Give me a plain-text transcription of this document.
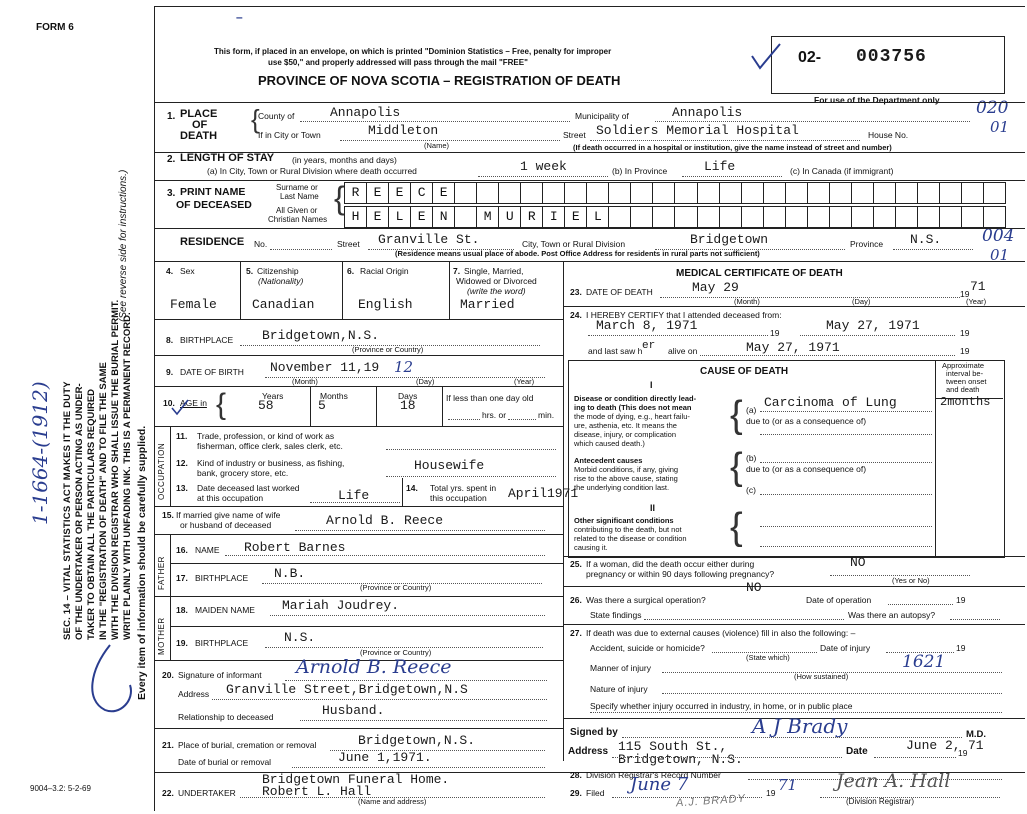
FORM 6
SEC. 14 – VITAL STATISTICS ACT MAKES IT THE DUTY OF THE UNDERTAKER OR PERSON ACTING AS UNDER- TAKER TO OBTAIN ALL THE PARTICULARS REQUIRED IN THE "REGISTRATION OF DEATH" AND TO FILE THE SAME WITH THE DIVISION REGISTRAR WHO SHALL ISSUE THE BURIAL PERMIT. WRITE PLAINLY WITH UNFADING INK. THIS IS A PERMANENT RECORD.
(See reverse side for instructions.)
Every item of information should be carefully supplied.
1-1664-(1912)
–
This form, if placed in an envelope, on which is printed "Dominion Statistics – Free, penalty for improper
use $50," and properly addressed will pass through the mail "FREE"
PROVINCE OF NOVA SCOTIA – REGISTRATION OF DEATH
02- 003756
For use of the Department only 020
01
004
01
1. PLACE
OF
DEATH
{
County of	Annapolis	Municipality of	Annapolis
If in City or Town	Middleton
(Name)
Street Soldiers Memorial Hospital	House No.
(If death occurred in a hospital or institution, give the name instead of street and number)
2. LENGTH OF STAY (in years, months and days)
(a) In City, Town or Rural Division where death occurred	1 week	(b) In Province	Life	(c) In Canada (if immigrant)
3. PRINT NAME
OF DECEASED
Surname or
Last Name
All Given or
Christian Names
{ R	E	E	C	E
H	E	L	E	N	M	U	R	I	E	L
RESIDENCE No.	Street Granville St.	City, Town or Rural Division	Bridgetown	Province N.S.
(Residence means usual place of abode. Post Office Address for residents in rural parts not sufficient)
4. Sex
Female
5. Citizenship
(Nationality)
Canadian
6. Racial Origin
English
7. Single, Married,
Widowed or Divorced
(write the word)
Married
8. BIRTHPLACE Bridgetown,N.S.
(Province or Country)
9. DATE OF BIRTH November 11,19 12
(Month)	(Day)	(Year)
10. AGE in {	Years
58
Months
5
Days
18	If less than one day old
hrs. or	min.
OCCUPATION
11. Trade, profession, or kind of work as
fisherman, office clerk, sales clerk, etc.
12. Kind of industry or business, as fishing,
bank, grocery store, etc.	Housewife
13. Date deceased last worked
at this occupation	Life	14. Total yrs. spent in
this occupation April1971
15. If married give name of wife
or husband of deceased	Arnold B. Reece
FATHER
16. NAME Robert Barnes
17. BIRTHPLACE N.B.
(Province or Country)
MOTHER
18. MAIDEN NAME Mariah Joudrey.
19. BIRTHPLACE	N.S.
(Province or Country)
20. Signature of informant Arnold B. Reece
Address Granville Street,Bridgetown,N.S
Relationship to deceased	Husband.
21. Place of burial, cremation or removal	Bridgetown,N.S.
Date of burial or removal	June 1,1971.
22. UNDERTAKER
Bridgetown Funeral Home.
Robert L. Hall
(Name and address)
MEDICAL CERTIFICATE OF DEATH
23. DATE OF DEATH	May 29	19 71
(Month)	(Day)	(Year)
24. I HEREBY CERTIFY that I attended deceased from:
March 8, 1971	19	May 27, 1971	19
and last saw h er alive on	May 27, 1971	19
CAUSE OF DEATH
Approximate
interval be-
tween onset
and death
I
Disease or condition directly lead-
ing to death (This does not mean
the mode of dying, e.g., heart failu-
ure, asthenia, etc. It means the
disease, injury, or complication
which caused death.)
{ (a) Carcinoma of Lung	2months
due to (or as a consequence of)
Antecedent causes
Morbid conditions, if any, giving
rise to the above cause, stating
the underlying condition last. { (b)
due to (or as a consequence of)
(c)
II
Other significant conditions
contributing to the death, but not
related to the disease or condition
causing it.	{
25. If a woman, did the death occur either during
pregnancy or within 90 days following pregnancy?
NO
(Yes or No)
26. Was there a surgical operation?
NO
Date of operation	19
State findings	Was there an autopsy?
27. If death was due to external causes (violence) fill in also the following: –
Accident, suicide or homicide?	Date of injury	19
(State which)
Manner of injury	1621
(How sustained)
Nature of injury
Specify whether injury occurred in industry, in home, or in public place
Signed by	A J Brady	M.D.
Address 115 South St.,
Bridgetown, N.S.
Date	June 2,
19 71
28. Division Registrar's Record Number
29. Filed June 7	19 71 Jean A. Hall
(Division Registrar)
A.J. BRADY
9004–3.2: 5-2-69
